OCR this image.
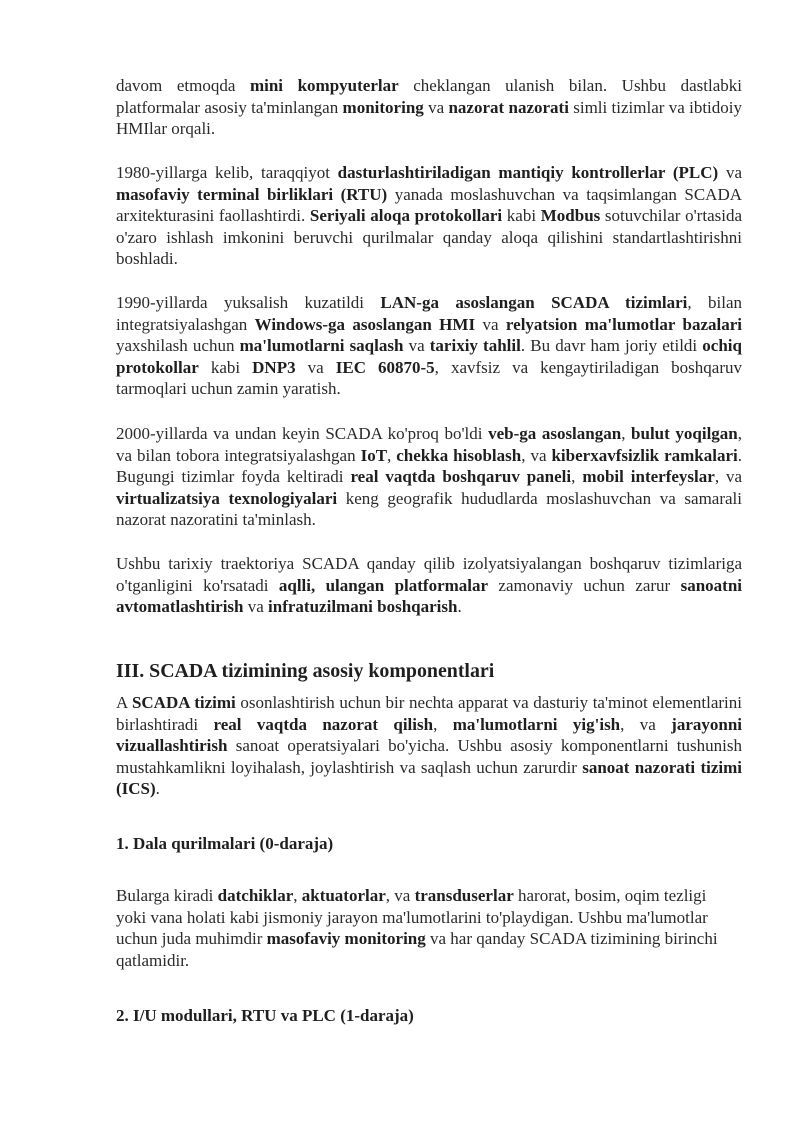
davom etmoqda mini kompyuterlar cheklangan ulanish bilan. Ushbu dastlabki platformalar asosiy ta'minlangan monitoring va nazorat nazorati simli tizimlar va ibtidoiy HMIlar orqali.

1980-yillarga kelib, taraqqiyot dasturlashtiriladigan mantiqiy kontrollerlar (PLC) va masofaviy terminal birliklari (RTU) yanada moslashuvchan va taqsimlangan SCADA arxitekturasini faollashtirdi. Seriyali aloqa protokollari kabi Modbus sotuvchilar o'rtasida o'zaro ishlash imkonini beruvchi qurilmalar qanday aloqa qilishini standartlashtirishni boshladi.

1990-yillarda yuksalish kuzatildi LAN-ga asoslangan SCADA tizimlari, bilan integratsiyalashgan Windows-ga asoslangan HMI va relyatsion ma'lumotlar bazalari yaxshilash uchun ma'lumotlarni saqlash va tarixiy tahlil. Bu davr ham joriy etildi ochiq protokollar kabi DNP3 va IEC 60870-5, xavfsiz va kengaytiriladigan boshqaruv tarmoqlari uchun zamin yaratish.

2000-yillarda va undan keyin SCADA ko'proq bo'ldi veb-ga asoslangan, bulut yoqilgan, va bilan tobora integratsiyalashgan IoT, chekka hisoblash, va kiberxavfsizlik ramkalari. Bugungi tizimlar foyda keltiradi real vaqtda boshqaruv paneli, mobil interfeyslar, va virtualizatsiya texnologiyalari keng geografik hududlarda moslashuvchan va samarali nazorat nazoratini ta'minlash.

Ushbu tarixiy traektoriya SCADA qanday qilib izolyatsiyalangan boshqaruv tizimlariga o'tganligini ko'rsatadi aqlli, ulangan platformalar zamonaviy uchun zarur sanoatni avtomatlashtirish va infratuzilmani boshqarish.

III. SCADA tizimining asosiy komponentlari

A SCADA tizimi osonlashtirish uchun bir nechta apparat va dasturiy ta'minot elementlarini birlashtiradi real vaqtda nazorat qilish, ma'lumotlarni yig'ish, va jarayonni vizuallashtirish sanoat operatsiyalari bo'yicha. Ushbu asosiy komponentlarni tushunish mustahkamlikni loyihalash, joylashtirish va saqlash uchun zarurdir sanoat nazorati tizimi (ICS).

1. Dala qurilmalari (0-daraja)

Bularga kiradi datchiklar, aktuatorlar, va transduserlar harorat, bosim, oqim tezligi yoki vana holati kabi jismoniy jarayon ma'lumotlarini to'playdigan. Ushbu ma'lumotlar uchun juda muhimdir masofaviy monitoring va har qanday SCADA tizimining birinchi qatlamidir.

2. I/U modullari, RTU va PLC (1-daraja)
